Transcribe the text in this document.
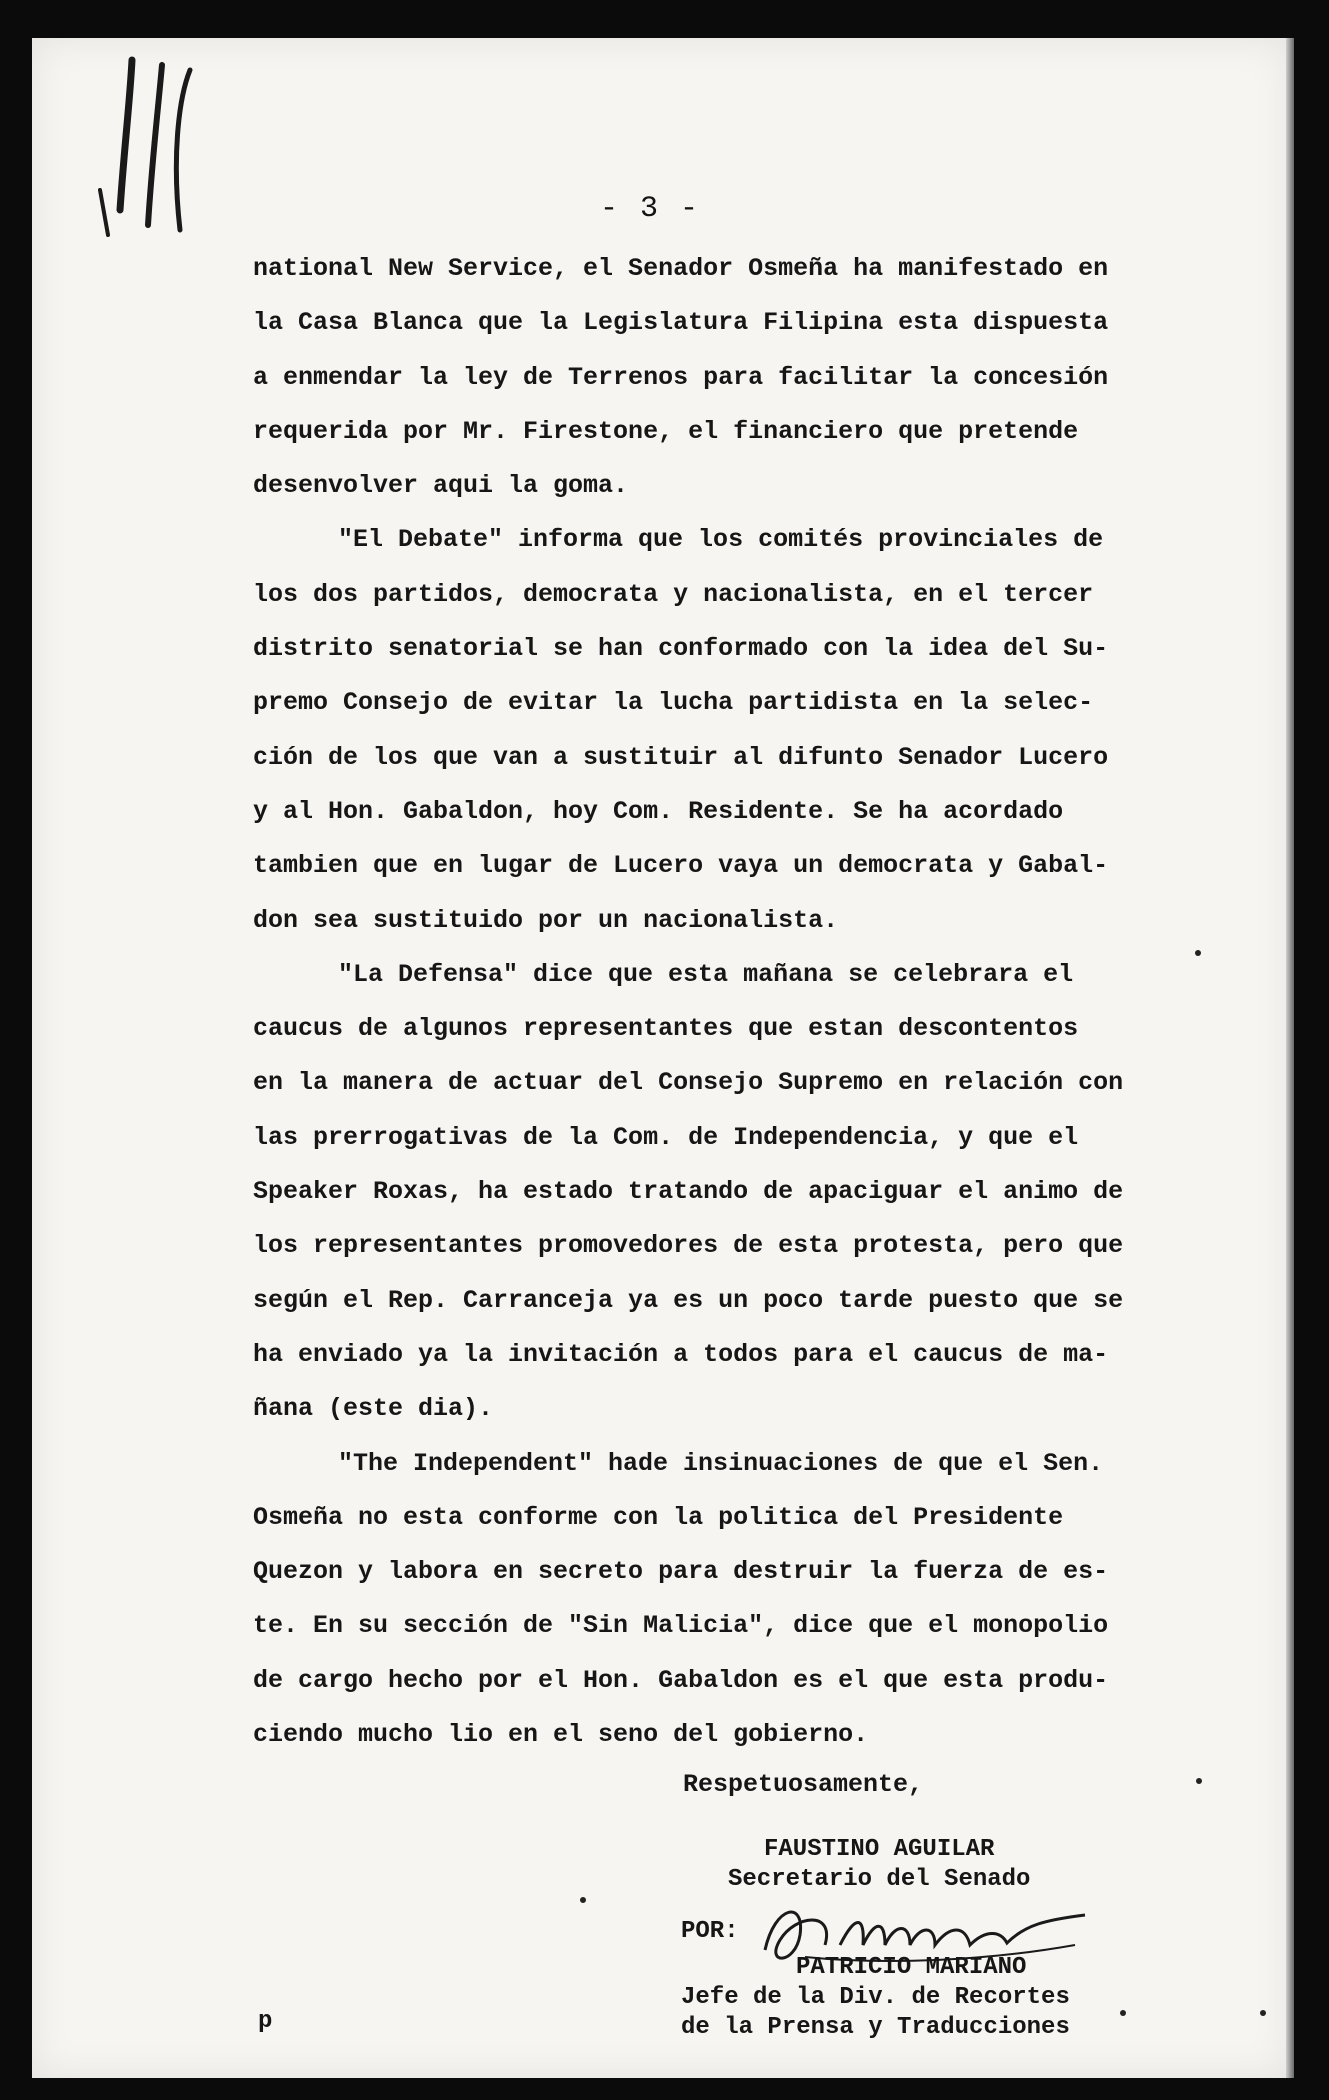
- 3 -

national New Service, el Senador Osmeña ha manifestado en
la Casa Blanca que la Legislatura Filipina esta dispuesta
a enmendar la ley de Terrenos para facilitar la concesión
requerida por Mr. Firestone, el financiero que pretende
desenvolver aqui la goma.

"El Debate" informa que los comités provinciales de
los dos partidos, democrata y nacionalista, en el tercer
distrito senatorial se han conformado con la idea del Su-
premo Consejo de evitar la lucha partidista en la selec-
ción de los que van a sustituir al difunto Senador Lucero
y al Hon. Gabaldon, hoy Com. Residente. Se ha acordado
tambien que en lugar de Lucero vaya un democrata y Gabal-
don sea sustituido por un nacionalista.

"La Defensa" dice que esta mañana se celebrara el
caucus de algunos representantes que estan descontentos
en la manera de actuar del Consejo Supremo en relación con
las prerrogativas de la Com. de Independencia, y que el
Speaker Roxas, ha estado tratando de apaciguar el animo de
los representantes promovedores de esta protesta, pero que
según el Rep. Carranceja ya es un poco tarde puesto que se
ha enviado ya la invitación a todos para el caucus de ma-
ñana (este dia).

"The Independent" hade insinuaciones de que el Sen.
Osmeña no esta conforme con la politica del Presidente
Quezon y labora en secreto para destruir la fuerza de es-
te. En su sección de "Sin Malicia", dice que el monopolio
de cargo hecho por el Hon. Gabaldon es el que esta produ-
ciendo mucho lio en el seno del gobierno.

Respetuosamente,
FAUSTINO AGUILAR
Secretario del Senado
POR:
PATRICIO MARIANO
Jefe de la Div. de Recortes
de la Prensa y Traducciones
p
